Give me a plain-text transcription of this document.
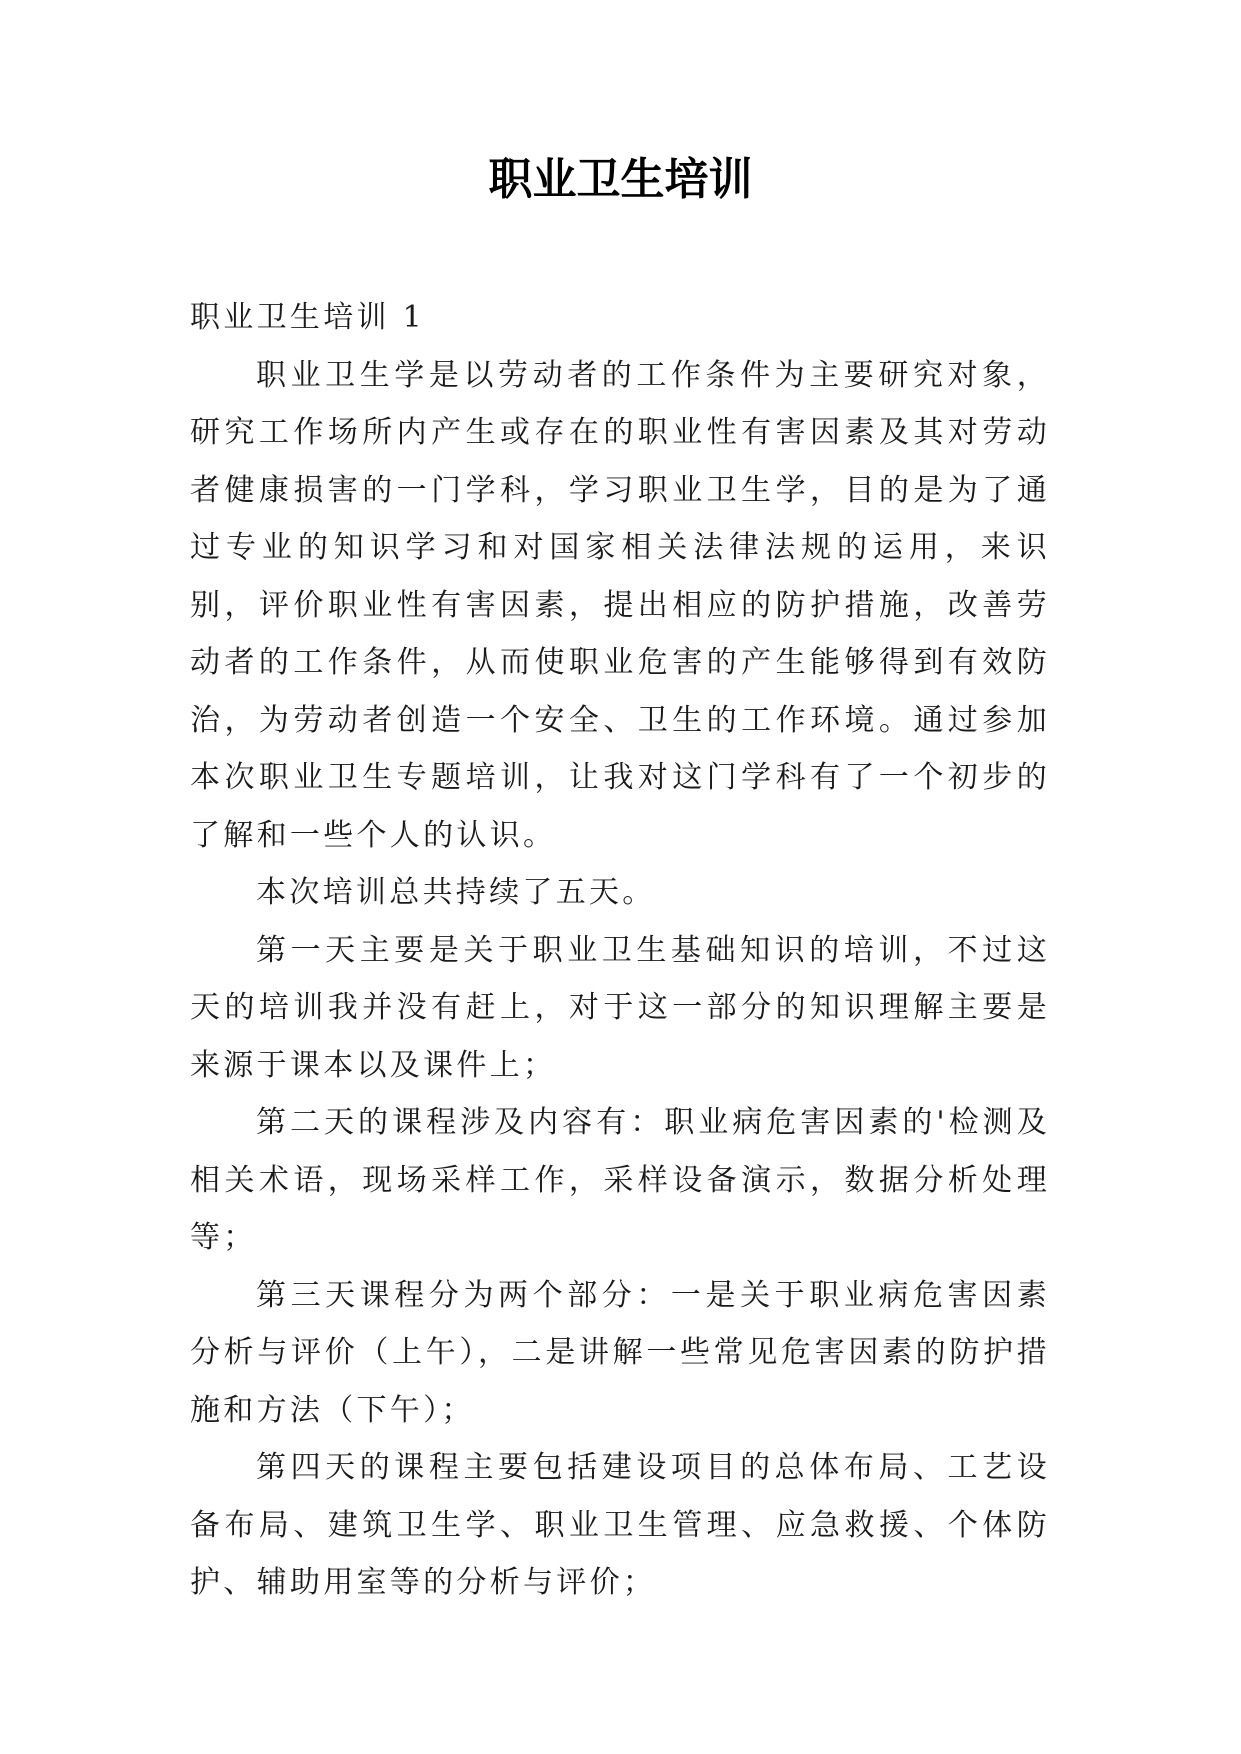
职业卫生培训

职业卫生培训 1

职业卫生学是以劳动者的工作条件为主要研究对象，研究工作场所内产生或存在的职业性有害因素及其对劳动者健康损害的一门学科，学习职业卫生学，目的是为了通过专业的知识学习和对国家相关法律法规的运用，来识别，评价职业性有害因素，提出相应的防护措施，改善劳动者的工作条件，从而使职业危害的产生能够得到有效防治，为劳动者创造一个安全、卫生的工作环境。通过参加本次职业卫生专题培训，让我对这门学科有了一个初步的了解和一些个人的认识。

本次培训总共持续了五天。

第一天主要是关于职业卫生基础知识的培训，不过这天的培训我并没有赶上，对于这一部分的知识理解主要是来源于课本以及课件上；

第二天的课程涉及内容有：职业病危害因素的'检测及相关术语，现场采样工作，采样设备演示，数据分析处理等；

第三天课程分为两个部分：一是关于职业病危害因素分析与评价（上午），二是讲解一些常见危害因素的防护措施和方法（下午）；

第四天的课程主要包括建设项目的总体布局、工艺设备布局、建筑卫生学、职业卫生管理、应急救援、个体防护、辅助用室等的分析与评价；
